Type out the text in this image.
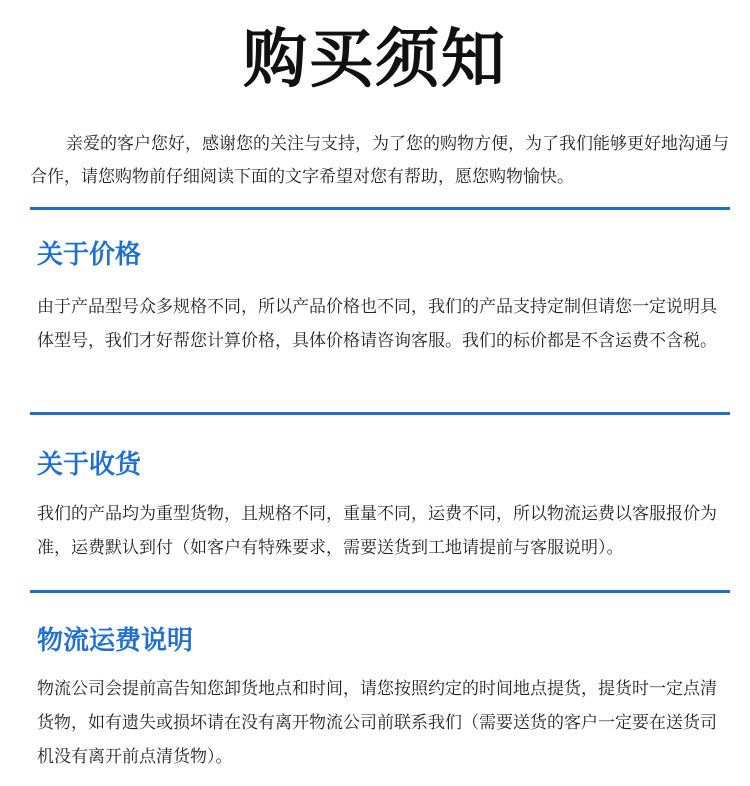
购买须知
亲爱的客户您好，感谢您的关注与支持，为了您的购物方便，为了我们能够更好地沟通与合作，请您购物前仔细阅读下面的文字希望对您有帮助，愿您购物愉快。
关于价格
由于产品型号众多规格不同，所以产品价格也不同，我们的产品支持定制但请您一定说明具体型号，我们才好帮您计算价格，具体价格请咨询客服。我们的标价都是不含运费不含税。
关于收货
我们的产品均为重型货物，且规格不同，重量不同，运费不同，所以物流运费以客服报价为准，运费默认到付（如客户有特殊要求，需要送货到工地请提前与客服说明）。
物流运费说明
物流公司会提前高告知您卸货地点和时间，请您按照约定的时间地点提货，提货时一定点清货物，如有遗失或损坏请在没有离开物流公司前联系我们（需要送货的客户一定要在送货司机没有离开前点清货物）。
